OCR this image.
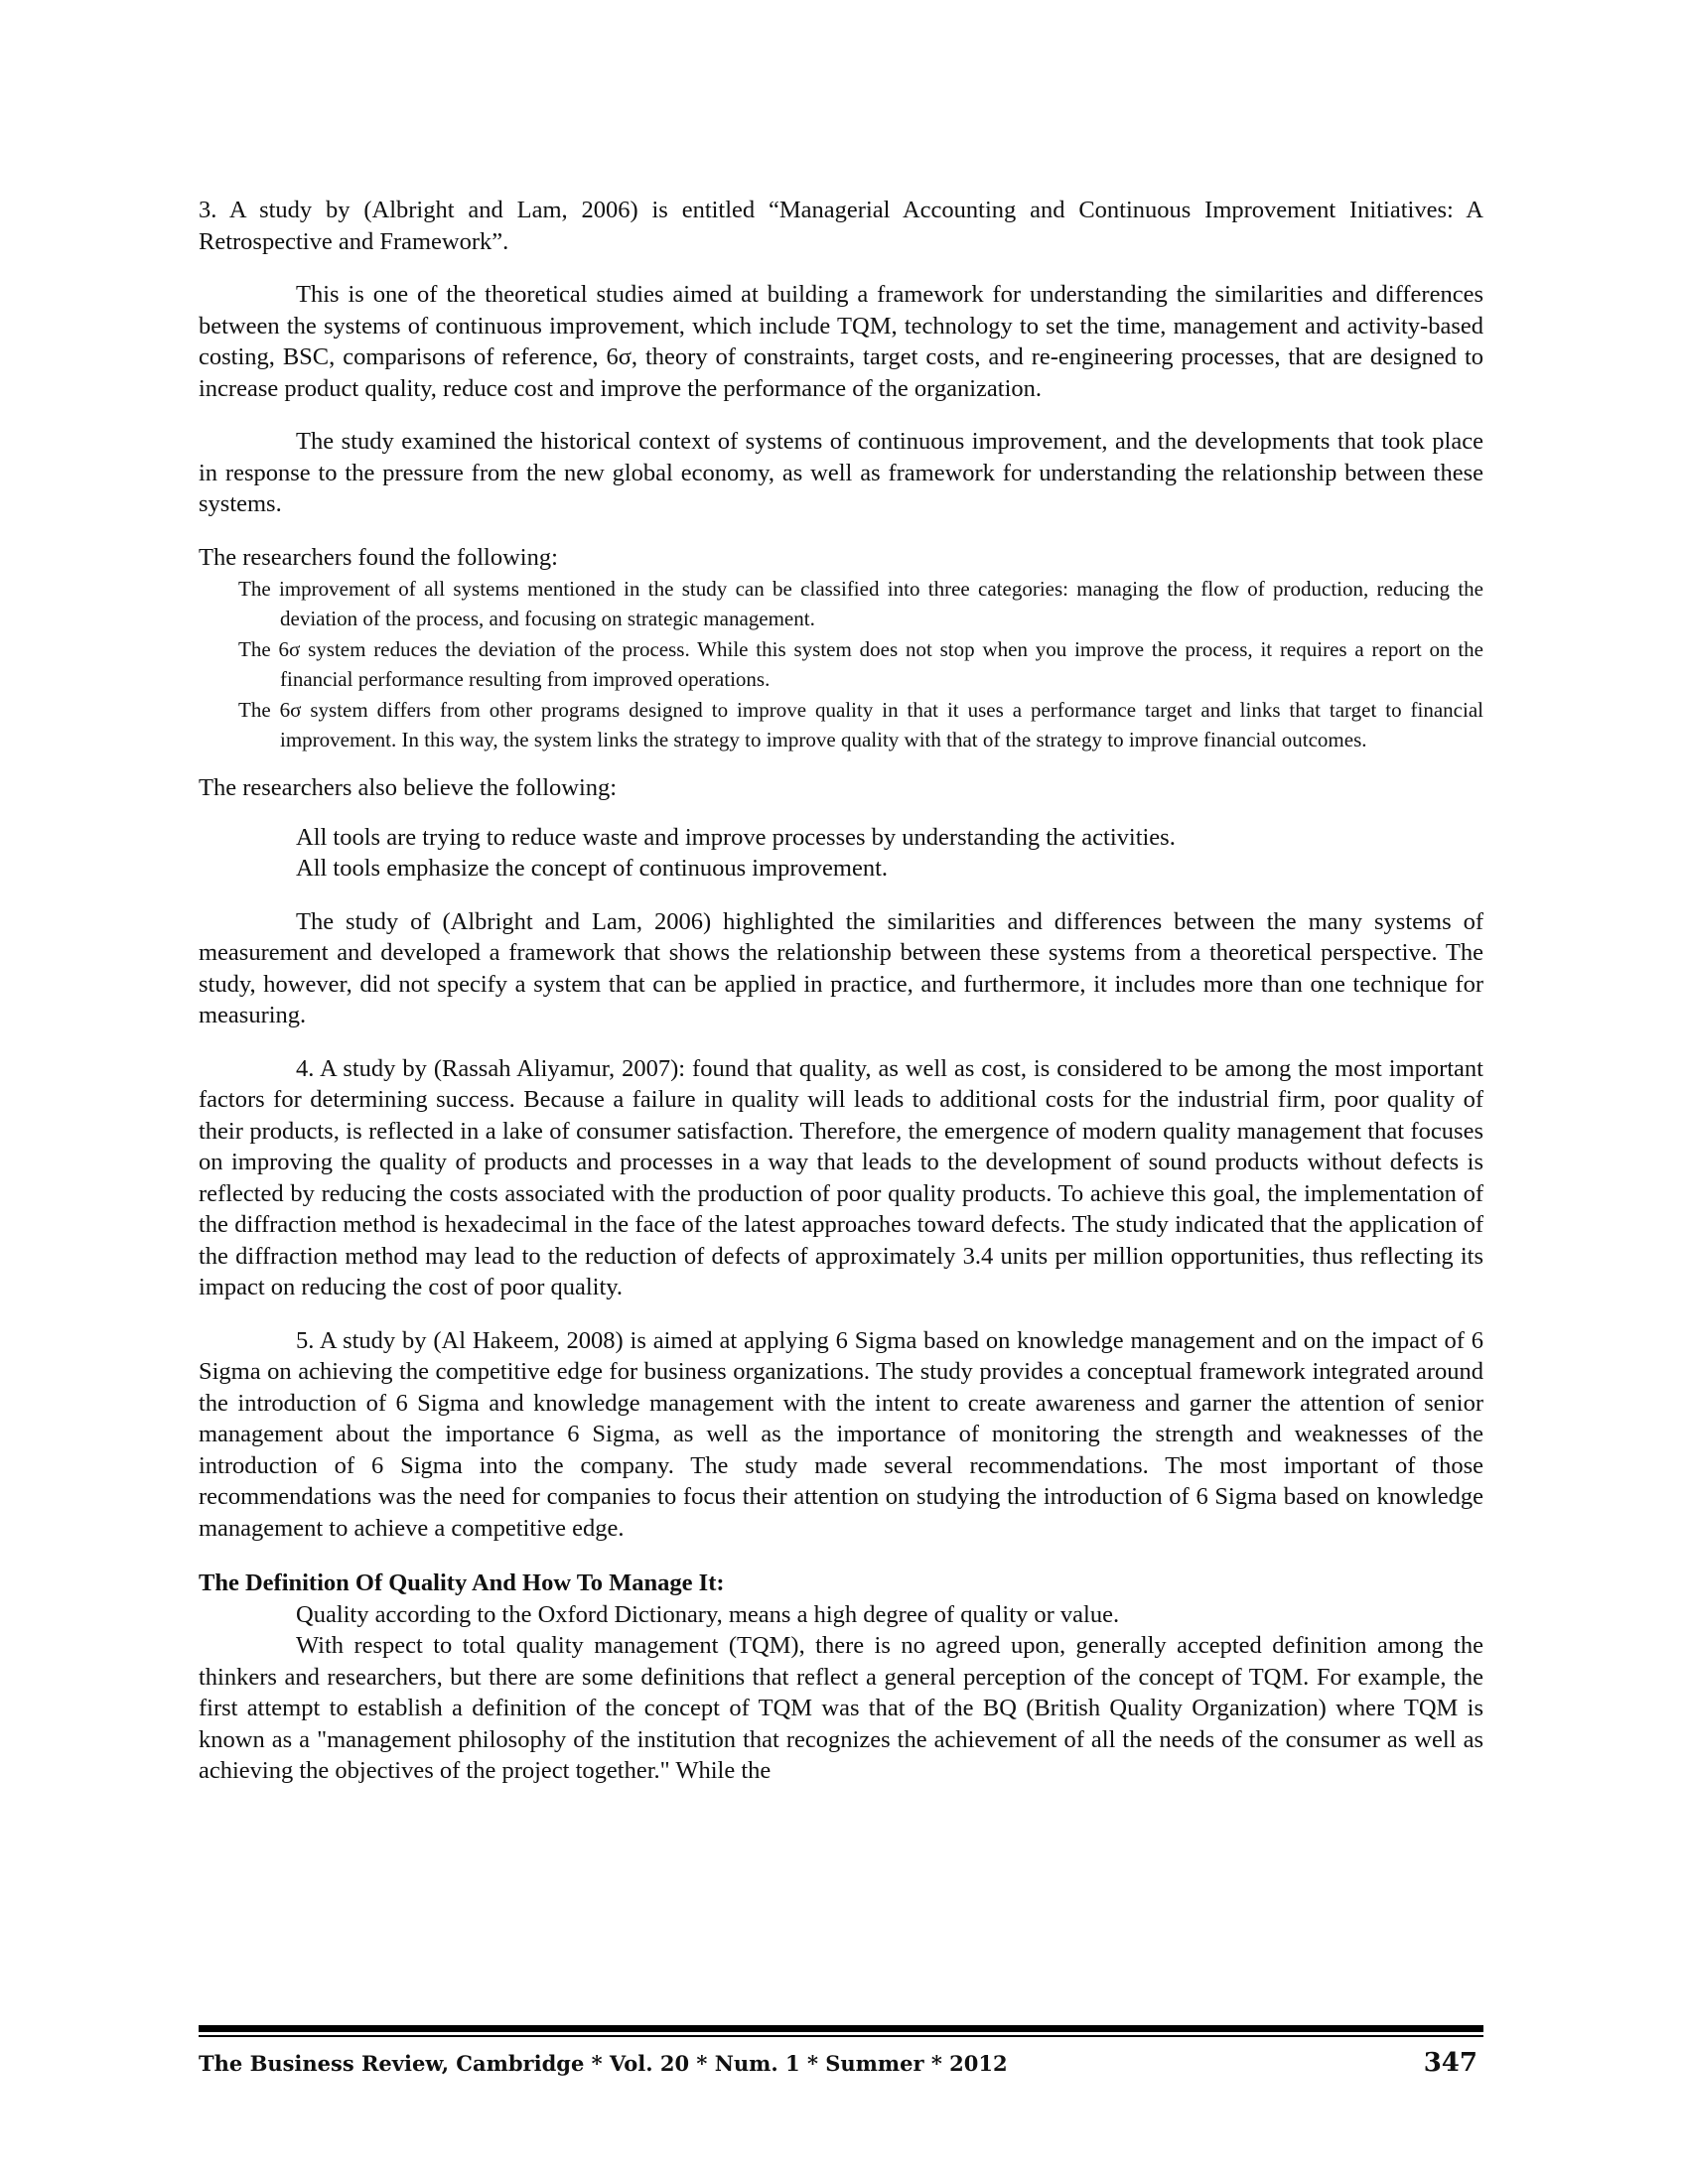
3. A study by (Albright and Lam, 2006) is entitled “Managerial Accounting and Continuous Improvement Initiatives: A Retrospective and Framework”.

This is one of the theoretical studies aimed at building a framework for understanding the similarities and differences between the systems of continuous improvement, which include TQM, technology to set the time, management and activity-based costing, BSC, comparisons of reference, 6σ, theory of constraints, target costs, and re-engineering processes, that are designed to increase product quality, reduce cost and improve the performance of the organization.

The study examined the historical context of systems of continuous improvement, and the developments that took place in response to the pressure from the new global economy, as well as framework for understanding the relationship between these systems.

The researchers found the following:

The improvement of all systems mentioned in the study can be classified into three categories: managing the flow of production, reducing the deviation of the process, and focusing on strategic management.

The 6σ system reduces the deviation of the process. While this system does not stop when you improve the process, it requires a report on the financial performance resulting from improved operations.

The 6σ system differs from other programs designed to improve quality in that it uses a performance target and links that target to financial improvement. In this way, the system links the strategy to improve quality with that of the strategy to improve financial outcomes.

The researchers also believe the following:

All tools are trying to reduce waste and improve processes by understanding the activities.

All tools emphasize the concept of continuous improvement.

The study of (Albright and Lam, 2006) highlighted the similarities and differences between the many systems of measurement and developed a framework that shows the relationship between these systems from a theoretical perspective. The study, however, did not specify a system that can be applied in practice, and furthermore, it includes more than one technique for measuring.

4. A study by (Rassah Aliyamur, 2007): found that quality, as well as cost, is considered to be among the most important factors for determining success. Because a failure in quality will leads to additional costs for the industrial firm, poor quality of their products, is reflected in a lake of consumer satisfaction. Therefore, the emergence of modern quality management that focuses on improving the quality of products and processes in a way that leads to the development of sound products without defects is reflected by reducing the costs associated with the production of poor quality products. To achieve this goal, the implementation of the diffraction method is hexadecimal in the face of the latest approaches toward defects. The study indicated that the application of the diffraction method may lead to the reduction of defects of approximately 3.4 units per million opportunities, thus reflecting its impact on reducing the cost of poor quality.

5. A study by (Al Hakeem, 2008) is aimed at applying 6 Sigma based on knowledge management and on the impact of 6 Sigma on achieving the competitive edge for business organizations. The study provides a conceptual framework integrated around the introduction of 6 Sigma and knowledge management with the intent to create awareness and garner the attention of senior management about the importance 6 Sigma, as well as the importance of monitoring the strength and weaknesses of the introduction of 6 Sigma into the company. The study made several recommendations. The most important of those recommendations was the need for companies to focus their attention on studying the introduction of 6 Sigma based on knowledge management to achieve a competitive edge.

The Definition Of Quality And How To Manage It:

Quality according to the Oxford Dictionary, means a high degree of quality or value.

With respect to total quality management (TQM), there is no agreed upon, generally accepted definition among the thinkers and researchers, but there are some definitions that reflect a general perception of the concept of TQM. For example, the first attempt to establish a definition of the concept of TQM was that of the BQ (British Quality Organization) where TQM is known as a "management philosophy of the institution that recognizes the achievement of all the needs of the consumer as well as achieving the objectives of the project together." While the

The Business Review, Cambridge * Vol. 20 * Num. 1 * Summer * 2012	347
